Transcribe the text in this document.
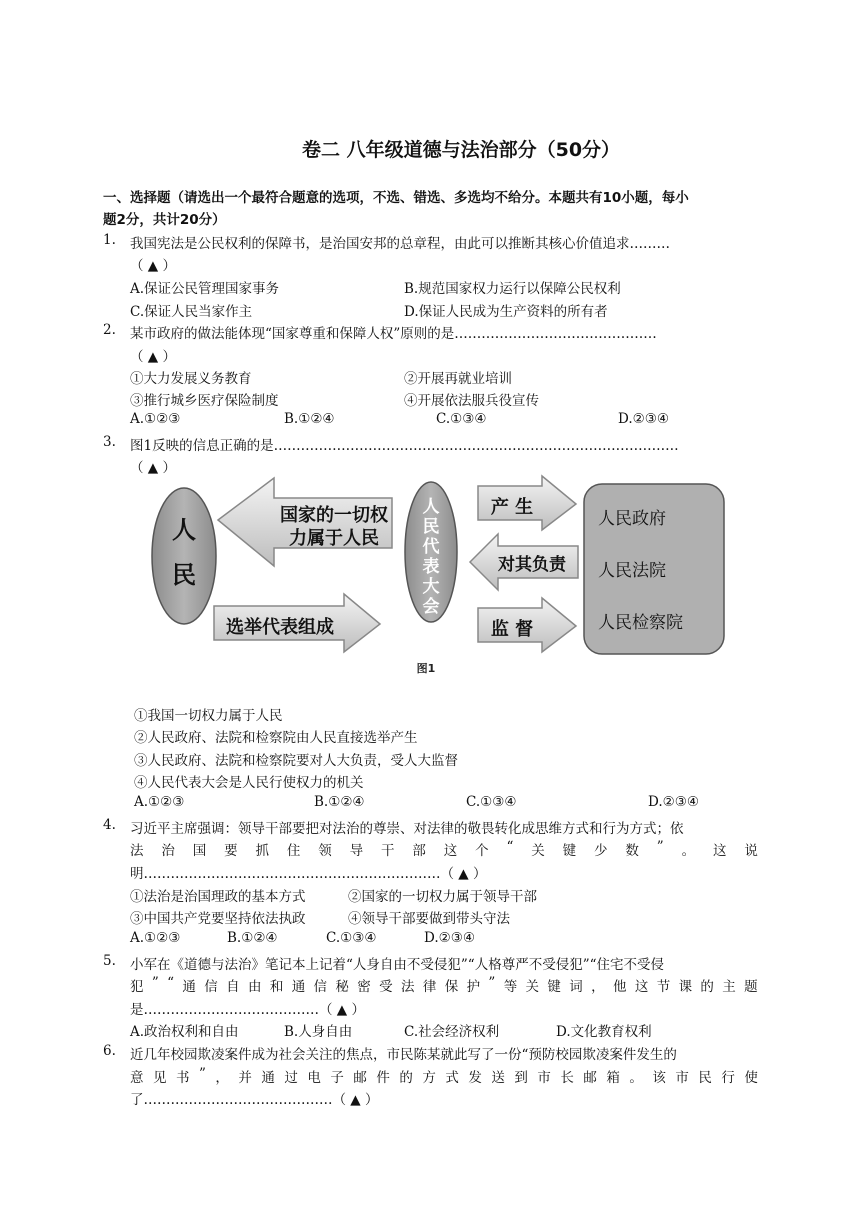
卷二 八年级道德与法治部分（50分）
一、选择题（请选出一个最符合题意的选项，不选、错选、多选均不给分。本题共有10小题，每小
题2分，共计20分）
1. 我国宪法是公民权利的保障书，是治国安邦的总章程，由此可以推断其核心价值追求………
（ ▲ ）
A.保证公民管理国家事务	B.规范国家权力运行以保障公民权利
C.保证人民当家作主	D.保证人民成为生产资料的所有者
2. 某市政府的做法能体现“国家尊重和保障人权”原则的是………………………………………
（ ▲ ）
①大力发展义务教育	②开展再就业培训
③推行城乡医疗保险制度	④开展依法服兵役宣传
A.①②③	B.①②④	C.①③④	D.②③④
3. 图1反映的信息正确的是………………………………………………………………………………
（ ▲ ）
人
民
国家的一切权
力属于人民
选举代表组成
人
民
代
表
大
会
产 生
对其负责
监 督
人民政府
人民法院
人民检察院
图1
①我国一切权力属于人民
②人民政府、法院和检察院由人民直接选举产生
③人民政府、法院和检察院要对人大负责，受人大监督
④人民代表大会是人民行使权力的机关
A.①②③	B.①②④	C.①③④	D.②③④
4. 习近平主席强调：领导干部要把对法治的尊崇、对法律的敬畏转化成思维方式和行为方式；依
法 治 国 要 抓 住 领 导 干 部 这 个 “ 关 键 少 数 ” 。 这 说
明…………………………………………………………（ ▲ ）
①法治是治国理政的基本方式	②国家的一切权力属于领导干部
③中国共产党要坚持依法执政	④领导干部要做到带头守法
A.①②③	B.①②④	C.①③④	D.②③④
5. 小军在《道德与法治》笔记本上记着“人身自由不受侵犯”“人格尊严不受侵犯”“住宅不受侵
犯 ” “ 通 信 自 由 和 通 信 秘 密 受 法 律 保 护 ” 等 关 键 词 ， 他 这 节 课 的 主 题
是…………………………………（ ▲ ）
A.政治权利和自由	B.人身自由	C.社会经济权利	D.文化教育权利
6. 近几年校园欺凌案件成为社会关注的焦点，市民陈某就此写了一份“预防校园欺凌案件发生的
意 见 书 ” ， 并 通 过 电 子 邮 件 的 方 式 发 送 到 市 长 邮 箱 。 该 市 民 行 使
了……………………………………（ ▲ ）
